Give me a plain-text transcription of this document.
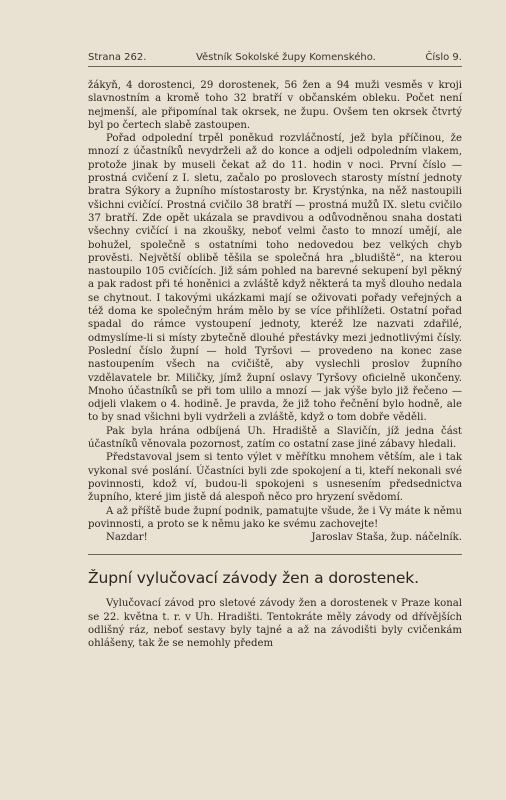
Strana 262.	Věstník Sokolské župy Komenského.	Číslo 9.

žákyň, 4 dorostenci, 29 dorostenek, 56 žen a 94 muži vesměs v kroji slavnostním a kromě toho 32 bratří v občanském obleku. Počet není nejmenší, ale připomínal tak okrsek, ne župu. Ovšem ten okrsek čtvrtý byl po čertech slabě zastoupen.

Pořad odpolední trpěl poněkud rozvláčností, jež byla příčinou, že mnozí z účastníků nevydrželi až do konce a odjeli odpoledním vlakem, protože jinak by museli čekat až do 11. hodin v noci. První číslo — prostná cvičení z I. sletu, začalo po proslovech starosty místní jednoty bratra Sýkory a župního místostarosty br. Krystýnka, na něž nastoupili všichni cvičící. Prostná cvičilo 38 bratří — prostná mužů IX. sletu cvičilo 37 bratří. Zde opět ukázala se pravdivou a odůvodněnou snaha dostati všechny cvičící i na zkoušky, neboť velmi často to mnozí umějí, ale bohužel, společně s ostatními toho nedovedou bez velkých chyb prověsti. Největší oblibě těšila se společná hra „bludiště“, na kterou nastoupilo 105 cvičících. Již sám pohled na barevné sekupení byl pěkný a pak radost při té honěnici a zvláště když některá ta myš dlouho nedala se chytnout. I takovými ukázkami mají se oživovati pořady veřejných a též doma ke společným hrám mělo by se více přihlížeti. Ostatní pořad spadal do rámce vystoupení jednoty, kteréž lze nazvati zdařilé, odmyslíme-li si místy zbytečně dlouhé přestávky mezi jednotlivými čísly. Poslední číslo župní — hold Tyršovi — provedeno na konec zase nastoupením všech na cvičiště, aby vyslechli proslov župního vzdělavatele br. Miličky, jímž župní oslavy Tyršovy oficielně ukončeny. Mnoho účastníků se při tom ulilo a mnozí — jak výše bylo již řečeno — odjeli vlakem o 4. hodině. Je pravda, že již toho řečnění bylo hodně, ale to by snad všichni byli vydrželi a zvláště, když o tom dobře věděli.

Pak byla hrána odbíjená Uh. Hradiště a Slavičín, jíž jedna část účastníků věnovala pozornost, zatím co ostatní zase jiné zábavy hledali.

Představoval jsem si tento výlet v měřítku mnohem větším, ale i tak vykonal své poslání. Účastníci byli zde spokojení a ti, kteří nekonali své povinnosti, kdož ví, budou-li spokojeni s usnesením předsednictva župního, které jim jistě dá alespoň něco pro hryzení svědomí.

A až příště bude župní podnik, pamatujte všude, že i Vy máte k němu povinnosti, a proto se k němu jako ke svému zachovejte!

Nazdar!	Jaroslav Staša, žup. náčelník.
Župní vylučovací závody žen a dorostenek.

Vylučovací závod pro sletové závody žen a dorostenek v Praze konal se 22. května t. r. v Uh. Hradišti. Tentokráte měly závody od dřívějších odlišný ráz, neboť sestavy byly tajné a až na závodišti byly cvičenkám ohlášeny, tak že se nemohly předem
